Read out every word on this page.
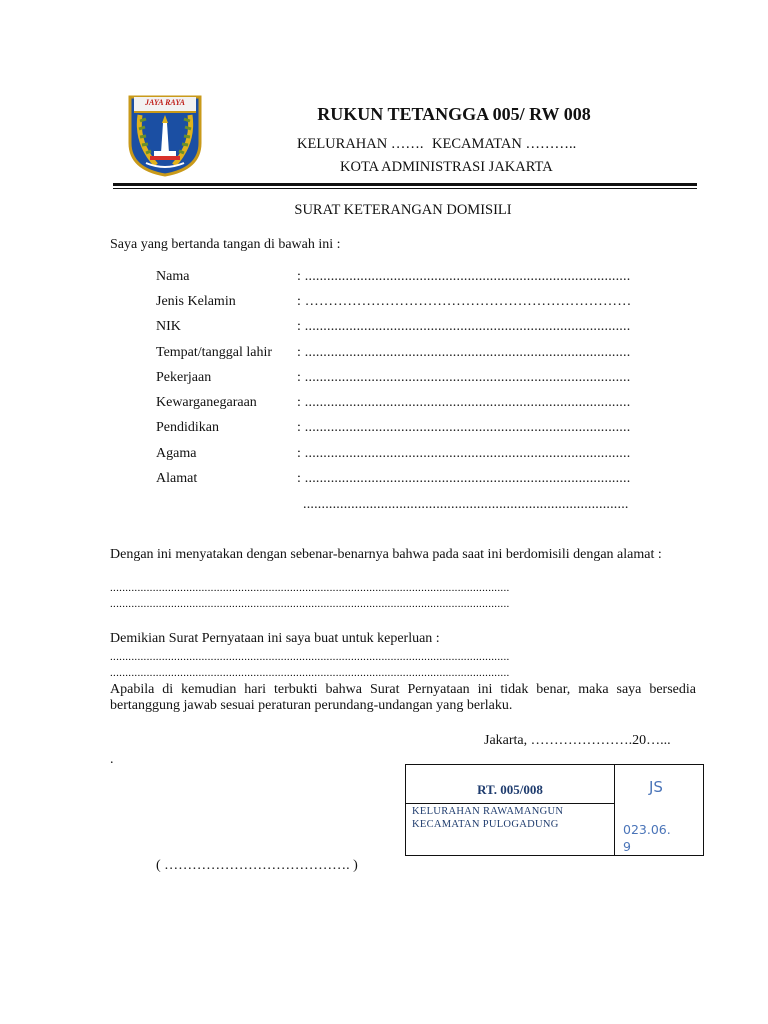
JAYA RAYA
RUKUN TETANGGA 005/ RW 008
KELURAHAN ……. KECAMATAN ………..
KOTA ADMINISTRASI JAKARTA
SURAT KETERANGAN DOMISILI
Saya yang bertanda tangan di bawah ini :
Nama	: ........................................................................................
Jenis Kelamin	: ……………………………………………………………
NIK	: ........................................................................................
Tempat/tanggal lahir : ........................................................................................
Pekerjaan	: ........................................................................................
Kewarganegaraan	: ........................................................................................
Pendidikan	: ........................................................................................
Agama	: ........................................................................................
Alamat	: ........................................................................................
........................................................................................
Dengan ini menyatakan dengan sebenar-benarnya bahwa pada saat ini berdomisili dengan alamat :
...................................................................................................................................
...................................................................................................................................
Demikian Surat Pernyataan ini saya buat untuk keperluan :
...................................................................................................................................
...................................................................................................................................
Apabila di kemudian hari terbukti bahwa Surat Pernyataan ini tidak benar, maka saya bersedia bertanggung jawab sesuai peraturan perundang-undangan yang berlaku.
Jakarta, ………………….20…...
.
RT. 005/008
KELURAHAN RAWAMANGUN
KECAMATAN PULOGADUNG
JS
023.06.
9
( …………………………………. )
